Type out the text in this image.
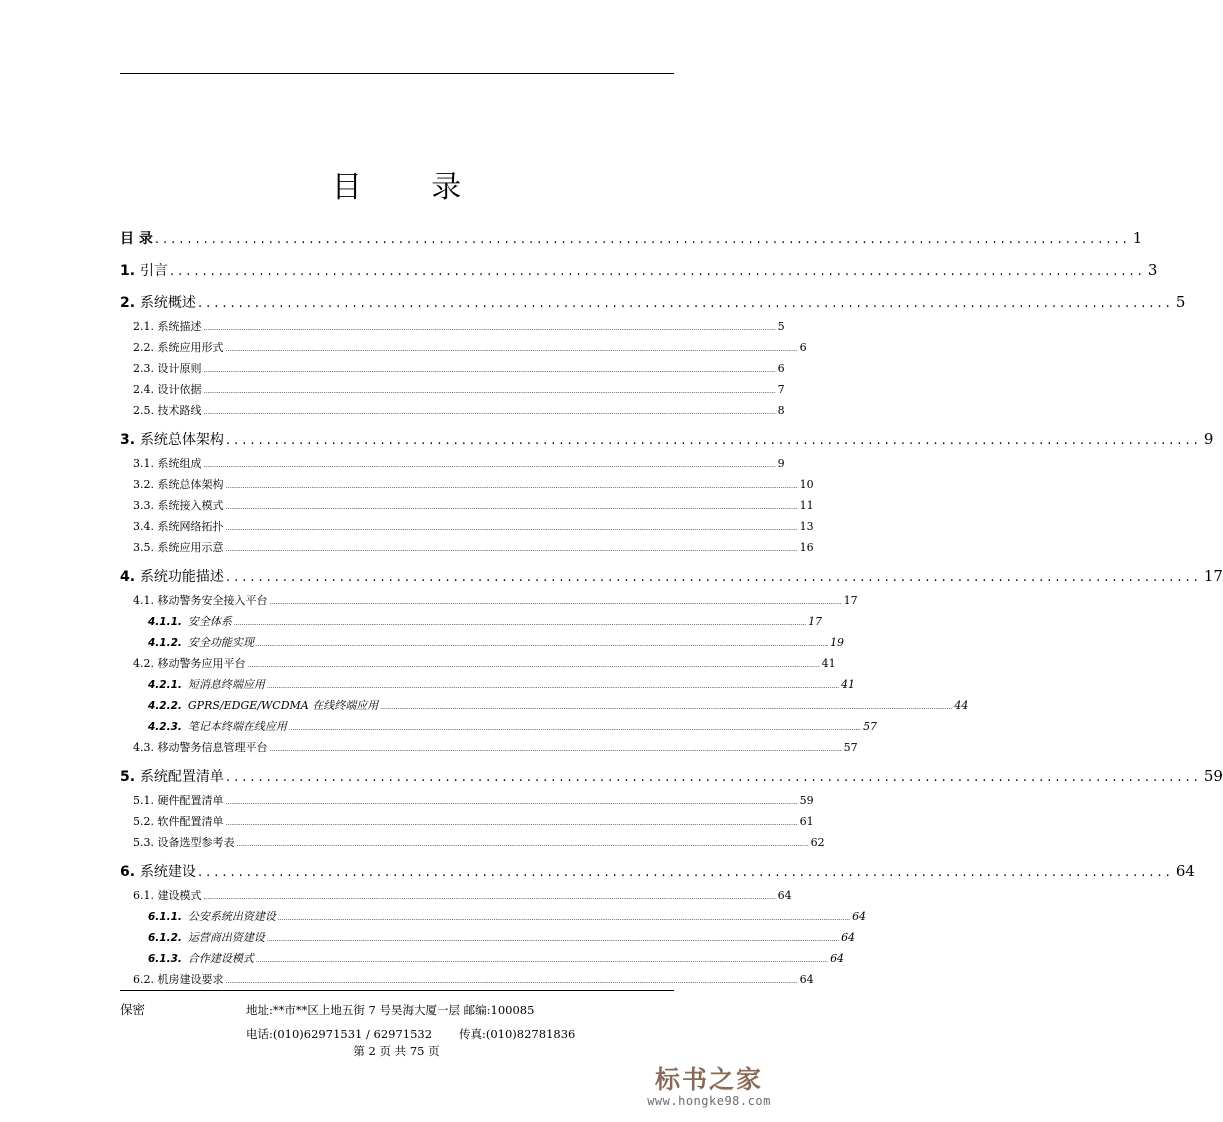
目 录
目 录 ........................................................................................................................ 1
1. 引言 ........................................................................................................................ 3
2. 系统概述 ........................................................................................................................ 5
2.1. 系统描述 ............................................................................................................................................................................................................................................................................................................ 5
2.2. 系统应用形式 ............................................................................................................................................................................................................................................................................................................ 6
2.3. 设计原则 ............................................................................................................................................................................................................................................................................................................ 6
2.4. 设计依据 ............................................................................................................................................................................................................................................................................................................ 7
2.5. 技术路线 ............................................................................................................................................................................................................................................................................................................ 8
3. 系统总体架构 ........................................................................................................................ 9
3.1. 系统组成 ............................................................................................................................................................................................................................................................................................................ 9
3.2. 系统总体架构 ............................................................................................................................................................................................................................................................................................................ 10
3.3. 系统接入模式 ............................................................................................................................................................................................................................................................................................................ 11
3.4. 系统网络拓扑 ............................................................................................................................................................................................................................................................................................................ 13
3.5. 系统应用示意 ............................................................................................................................................................................................................................................................................................................ 16
4. 系统功能描述 ........................................................................................................................ 17
4.1. 移动警务安全接入平台 ............................................................................................................................................................................................................................................................................................................ 17
4.1.1. 安全体系 ............................................................................................................................................................................................................................................................................................................ 17
4.1.2. 安全功能实现 ............................................................................................................................................................................................................................................................................................................ 19
4.2. 移动警务应用平台 ............................................................................................................................................................................................................................................................................................................ 41
4.2.1. 短消息终端应用 ............................................................................................................................................................................................................................................................................................................ 41
4.2.2. GPRS/EDGE/WCDMA 在线终端应用 ............................................................................................................................................................................................................................................................................................................ 44
4.2.3. 笔记本终端在线应用 ............................................................................................................................................................................................................................................................................................................ 57
4.3. 移动警务信息管理平台 ............................................................................................................................................................................................................................................................................................................ 57
5. 系统配置清单 ........................................................................................................................ 59
5.1. 硬件配置清单 ............................................................................................................................................................................................................................................................................................................ 59
5.2. 软件配置清单 ............................................................................................................................................................................................................................................................................................................ 61
5.3. 设备选型参考表 ............................................................................................................................................................................................................................................................................................................ 62
6. 系统建设 ........................................................................................................................ 64
6.1. 建设模式 ............................................................................................................................................................................................................................................................................................................ 64
6.1.1. 公安系统出资建设 ............................................................................................................................................................................................................................................................................................................ 64
6.1.2. 运营商出资建设 ............................................................................................................................................................................................................................................................................................................ 64
6.1.3. 合作建设模式 ............................................................................................................................................................................................................................................................................................................ 64
6.2. 机房建设要求 ............................................................................................................................................................................................................................................................................................................ 64
保密	地址:**市**区上地五街 7 号昊海大厦一层 邮编:100085
电话:(010)62971531 / 62971532 传真:(010)82781836
第 2 页 共 75 页
标书之家
www.hongke98.com
